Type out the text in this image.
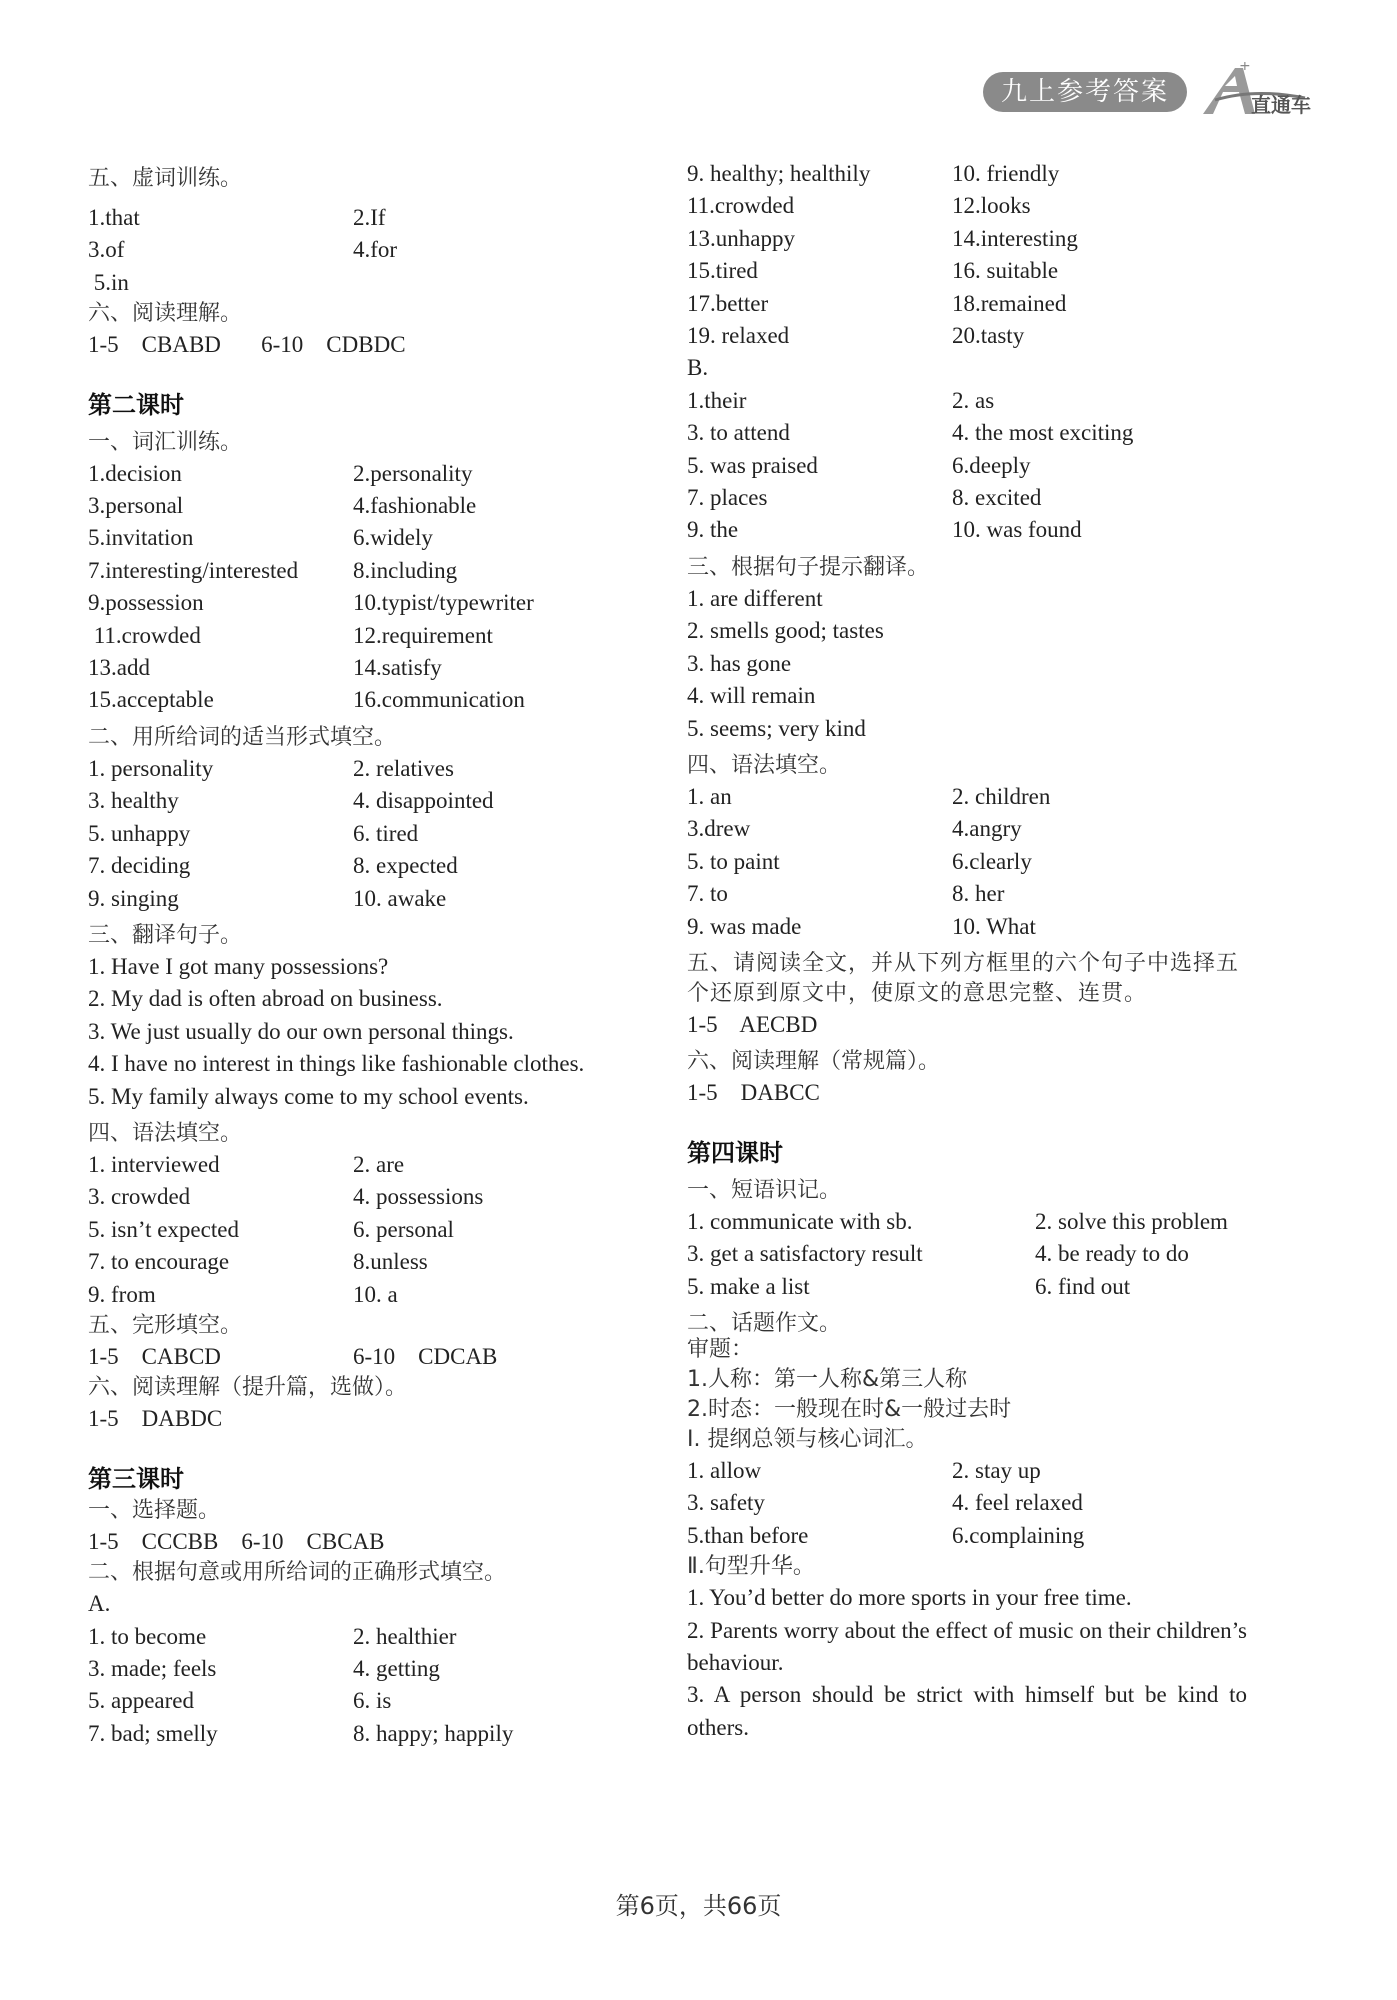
九上参考答案
+
直通车
五、虚词训练。
1.that	2.If
3.of	4.for
5.in
六、阅读理解。
1-5    CBABD       6-10    CDBDC
第二课时
一、词汇训练。
1.decision	2.personality
3.personal	4.fashionable
5.invitation	6.widely
7.interesting/interested	8.including
9.possession	10.typist/typewriter
11.crowded	12.requirement
13.add	14.satisfy
15.acceptable	16.communication
二、用所给词的适当形式填空。
1. personality	2. relatives
3. healthy	4. disappointed
5. unhappy	6. tired
7. deciding	8. expected
9. singing	10. awake
三、翻译句子。
1. Have I got many possessions?
2. My dad is often abroad on business.
3. We just usually do our own personal things.
4. I have no interest in things like fashionable clothes.
5. My family always come to my school events.
四、语法填空。
1. interviewed	2. are
3. crowded	4. possessions
5. isn’t expected	6. personal
7. to encourage	8.unless
9. from	10. a
五、完形填空。
1-5    CABCD	6-10    CDCAB
六、阅读理解（提升篇，选做）。
1-5    DABDC
第三课时
一、选择题。
1-5    CCCBB    6-10    CBCAB
二、根据句意或用所给词的正确形式填空。
A.
1. to become	2. healthier
3. made; feels	4. getting
5. appeared	6. is
7. bad; smelly	8. happy; happily
9. healthy; healthily	10. friendly
11.crowded	12.looks
13.unhappy	14.interesting
15.tired	16. suitable
17.better	18.remained
19. relaxed	20.tasty
B.
1.their	2. as
3. to attend	4. the most exciting
5. was praised	6.deeply
7. places	8. excited
9. the	10. was found
三、根据句子提示翻译。
1. are different
2. smells good; tastes
3. has gone
4. will remain
5. seems; very kind
四、语法填空。
1. an	2. children
3.drew	4.angry
5. to paint	6.clearly
7. to	8. her
9. was made	10. What
五、请阅读全文，并从下列方框里的六个句子中选择五个还原到原文中，使原文的意思完整、连贯。
1-5    AECBD
六、阅读理解（常规篇）。
1-5    DABCC
第四课时
一、短语识记。
1. communicate with sb.	2. solve this problem
3. get a satisfactory result	4. be ready to do
5. make a list	6. find out
二、话题作文。
审题：
1.人称：第一人称&第三人称
2.时态：一般现在时&一般过去时
Ⅰ. 提纲总领与核心词汇。
1. allow	2. stay up
3. safety	4. feel relaxed
5.than before	6.complaining
Ⅱ.句型升华。
1. You’d better do more sports in your free time.
2. Parents worry about the effect of music on their children’s behaviour.
3. A person should be strict with himself but be kind to others.
第6页，共66页
